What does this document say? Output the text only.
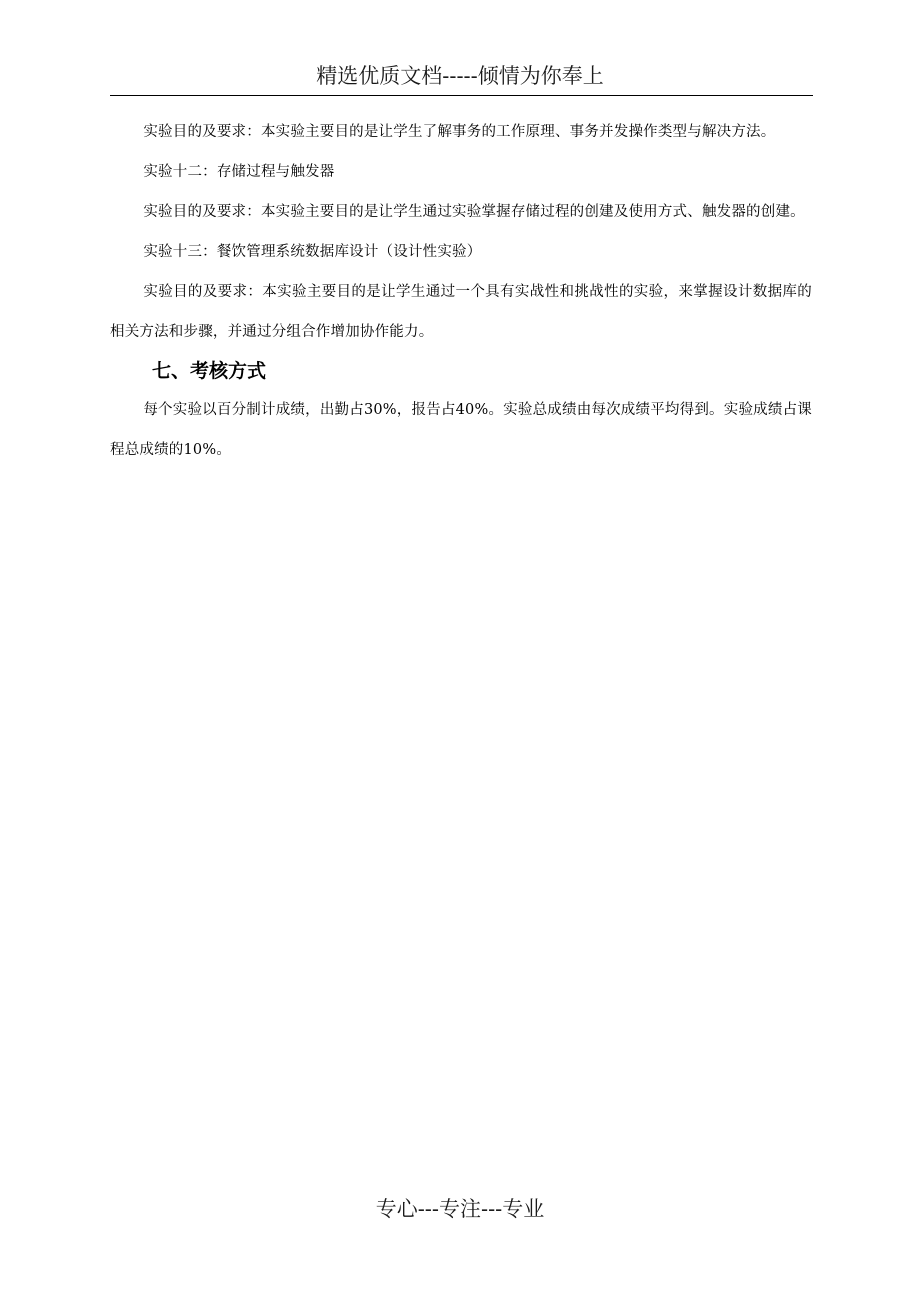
精选优质文档-----倾情为你奉上

实验目的及要求：本实验主要目的是让学生了解事务的工作原理、事务并发操作类型与解决方法。

实验十二：存储过程与触发器

实验目的及要求：本实验主要目的是让学生通过实验掌握存储过程的创建及使用方式、触发器的创建。

实验十三：餐饮管理系统数据库设计（设计性实验）

实验目的及要求：本实验主要目的是让学生通过一个具有实战性和挑战性的实验，来掌握设计数据库的相关方法和步骤，并通过分组合作增加协作能力。

七、考核方式

每个实验以百分制计成绩，出勤占30%，报告占40%。实验总成绩由每次成绩平均得到。实验成绩占课程总成绩的10%。

专心---专注---专业
